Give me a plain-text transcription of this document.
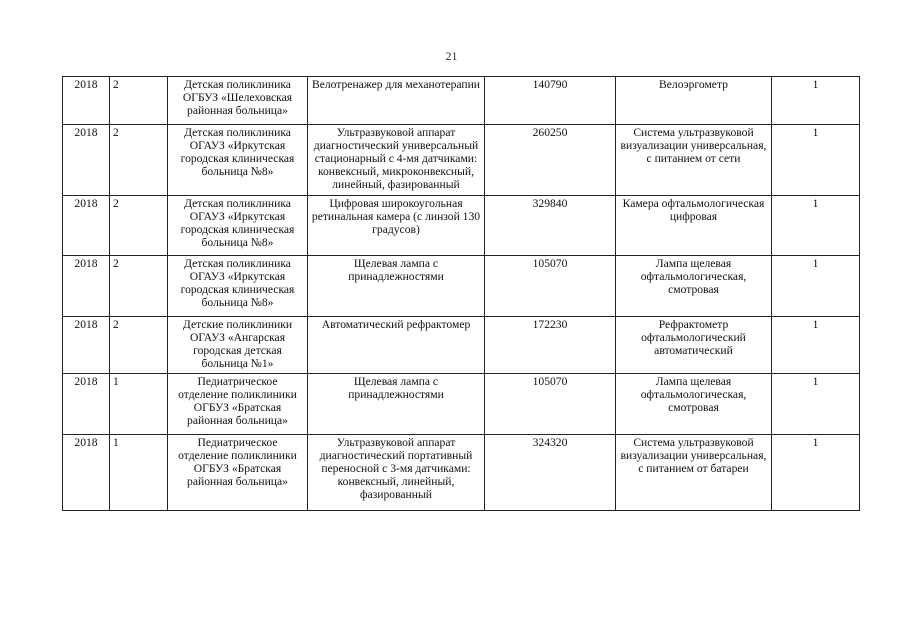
21
2018	2	Детская поликлиника ОГБУЗ «Шелеховская районная больница»	Велотренажер для механотерапии	140790	Велоэргометр	1
2018	2	Детская поликлиника ОГАУЗ «Иркутская городская клиническая больница №8»	Ультразвуковой аппарат диагностический универсальный стационарный с 4-мя датчиками: конвексный, микроконвексный, линейный, фазированный	260250	Система ультразвуковой визуализации универсальная, с питанием от сети	1
2018	2	Детская поликлиника ОГАУЗ «Иркутская городская клиническая больница №8»	Цифровая широкоугольная ретинальная камера (с линзой 130 градусов)	329840	Камера офтальмологическая цифровая	1
2018	2	Детская поликлиника ОГАУЗ «Иркутская городская клиническая больница №8»	Щелевая лампа с принадлежностями	105070	Лампа щелевая офтальмологическая, смотровая	1
2018	2	Детские поликлиники ОГАУЗ «Ангарская городская детская больница №1»	Автоматический рефрактомер	172230	Рефрактометр офтальмологический автоматический	1
2018	1	Педиатрическое отделение поликлиники ОГБУЗ «Братская районная больница»	Щелевая лампа с принадлежностями	105070	Лампа щелевая офтальмологическая, смотровая	1
2018	1	Педиатрическое отделение поликлиники ОГБУЗ «Братская районная больница»	Ультразвуковой аппарат диагностический портативный переносной с 3-мя датчиками: конвексный, линейный, фазированный	324320	Система ультразвуковой визуализации универсальная, с питанием от батареи	1
